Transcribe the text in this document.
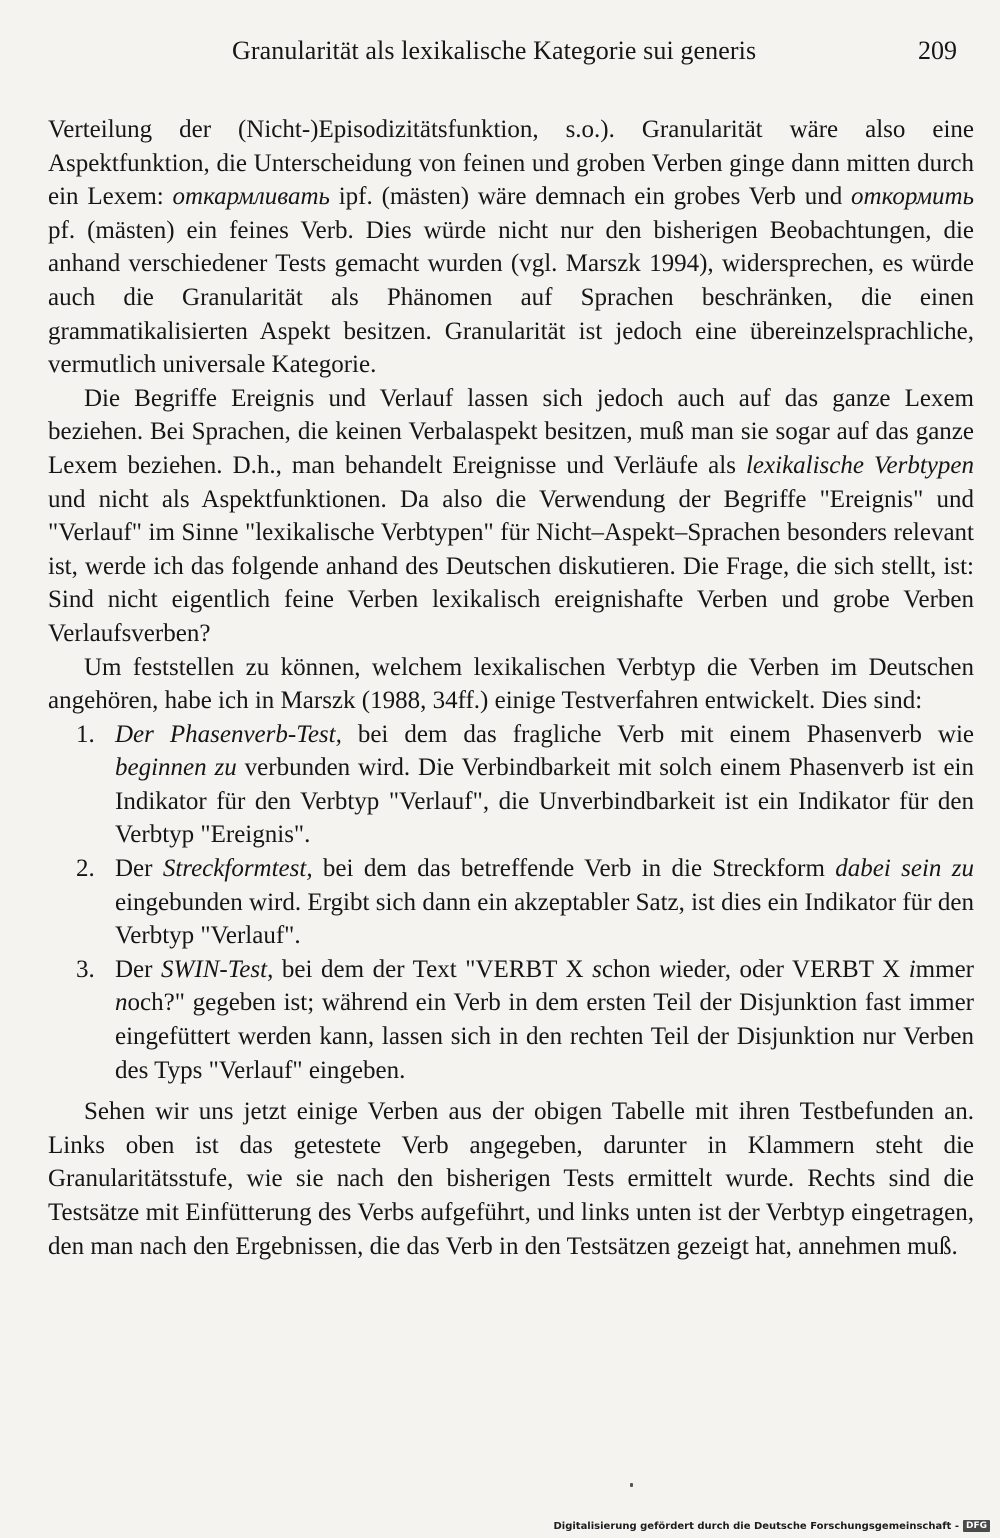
Granularität als lexikalische Kategorie sui generis	209

Verteilung der (Nicht-)Episodizitätsfunktion, s.o.). Granularität wäre also eine Aspektfunktion, die Unterscheidung von feinen und groben Verben ginge dann mitten durch ein Lexem: откармливать ipf. (mästen) wäre demnach ein grobes Verb und откормить pf. (mästen) ein feines Verb. Dies würde nicht nur den bisherigen Beobachtungen, die anhand verschiedener Tests gemacht wurden (vgl. Marszk 1994), widersprechen, es würde auch die Granularität als Phänomen auf Sprachen beschränken, die einen grammatikalisierten Aspekt besitzen. Granularität ist jedoch eine übereinzelsprachliche, vermutlich universale Kategorie.

Die Begriffe Ereignis und Verlauf lassen sich jedoch auch auf das ganze Lexem beziehen. Bei Sprachen, die keinen Verbalaspekt besitzen, muß man sie sogar auf das ganze Lexem beziehen. D.h., man behandelt Ereignisse und Verläufe als lexikalische Verbtypen und nicht als Aspektfunktionen. Da also die Verwendung der Begriffe "Ereignis" und "Verlauf" im Sinne "lexikalische Verbtypen" für Nicht–Aspekt–Sprachen besonders relevant ist, werde ich das folgende anhand des Deutschen diskutieren. Die Frage, die sich stellt, ist: Sind nicht eigentlich feine Verben lexikalisch ereignishafte Verben und grobe Verben Verlaufsverben?

Um feststellen zu können, welchem lexikalischen Verbtyp die Verben im Deutschen angehören, habe ich in Marszk (1988, 34ff.) einige Testverfahren entwickelt. Dies sind:

1. Der Phasenverb-Test, bei dem das fragliche Verb mit einem Phasenverb wie beginnen zu verbunden wird. Die Verbindbarkeit mit solch einem Phasenverb ist ein Indikator für den Verbtyp "Verlauf", die Unverbindbarkeit ist ein Indikator für den Verbtyp "Ereignis".
2. Der Streckformtest, bei dem das betreffende Verb in die Streckform dabei sein zu eingebunden wird. Ergibt sich dann ein akzeptabler Satz, ist dies ein Indikator für den Verbtyp "Verlauf".
3. Der SWIN-Test, bei dem der Text "VERBT X schon wieder, oder VERBT X immer noch?" gegeben ist; während ein Verb in dem ersten Teil der Disjunktion fast immer eingefüttert werden kann, lassen sich in den rechten Teil der Disjunktion nur Verben des Typs "Verlauf" eingeben.

Sehen wir uns jetzt einige Verben aus der obigen Tabelle mit ihren Testbefunden an. Links oben ist das getestete Verb angegeben, darunter in Klammern steht die Granularitätsstufe, wie sie nach den bisherigen Tests ermittelt wurde. Rechts sind die Testsätze mit Einfütterung des Verbs aufgeführt, und links unten ist der Verbtyp eingetragen, den man nach den Ergebnissen, die das Verb in den Testsätzen gezeigt hat, annehmen muß.

Digitalisierung gefördert durch die Deutsche Forschungsgemeinschaft - DFG
